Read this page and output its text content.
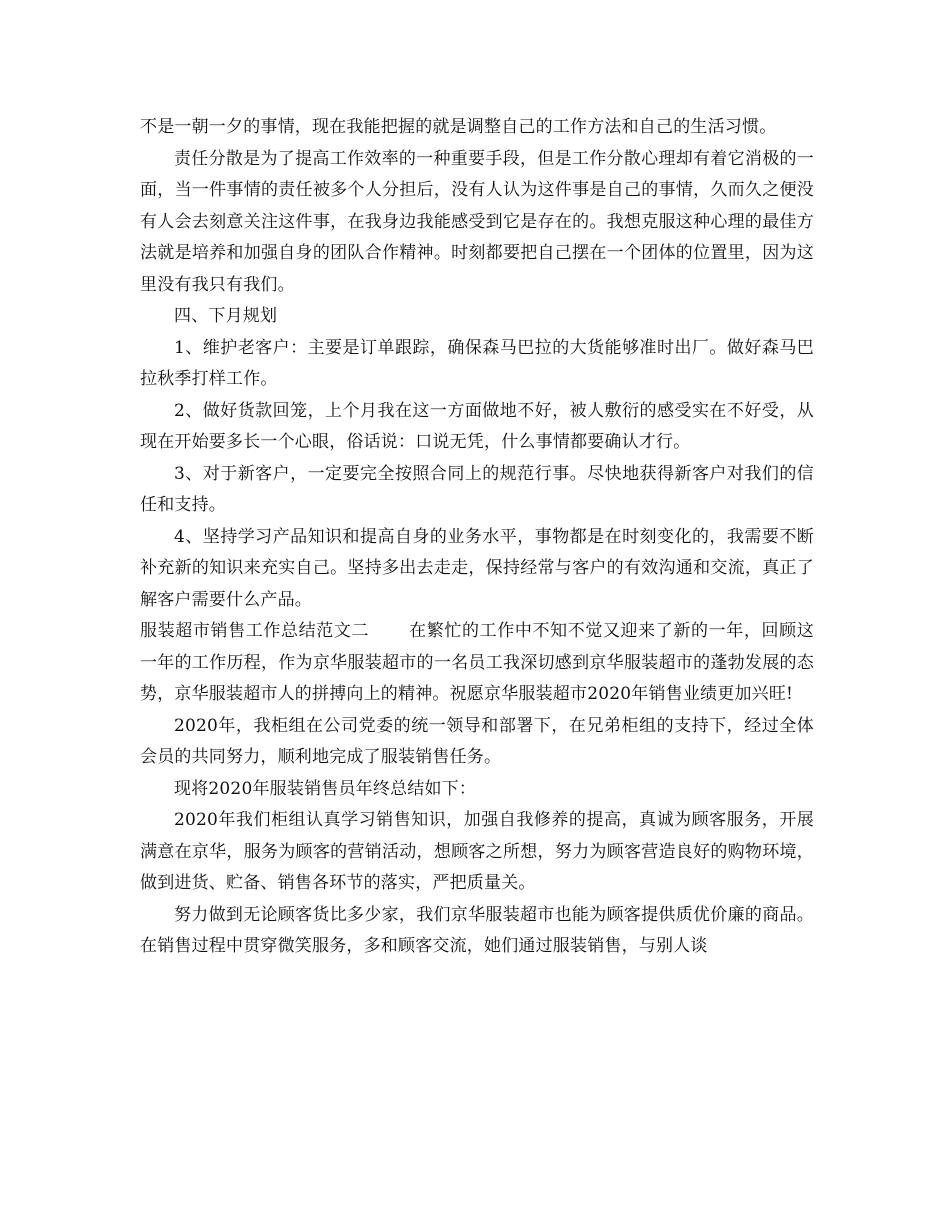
不是一朝一夕的事情，现在我能把握的就是调整自己的工作方法和自己的生活习惯。

责任分散是为了提高工作效率的一种重要手段，但是工作分散心理却有着它消极的一面，当一件事情的责任被多个人分担后，没有人认为这件事是自己的事情，久而久之便没有人会去刻意关注这件事，在我身边我能感受到它是存在的。我想克服这种心理的最佳方法就是培养和加强自身的团队合作精神。时刻都要把自己摆在一个团体的位置里，因为这里没有我只有我们。

四、下月规划

1、维护老客户：主要是订单跟踪，确保森马巴拉的大货能够准时出厂。做好森马巴拉秋季打样工作。

2、做好货款回笼，上个月我在这一方面做地不好，被人敷衍的感受实在不好受，从现在开始要多长一个心眼，俗话说：口说无凭，什么事情都要确认才行。

3、对于新客户，一定要完全按照合同上的规范行事。尽快地获得新客户对我们的信任和支持。

4、坚持学习产品知识和提高自身的业务水平，事物都是在时刻变化的，我需要不断补充新的知识来充实自己。坚持多出去走走，保持经常与客户的有效沟通和交流，真正了解客户需要什么产品。

服装超市销售工作总结范文二 在繁忙的工作中不知不觉又迎来了新的一年，回顾这一年的工作历程，作为京华服装超市的一名员工我深切感到京华服装超市的蓬勃发展的态势，京华服装超市人的拼搏向上的精神。祝愿京华服装超市2020年销售业绩更加兴旺!

2020年，我柜组在公司党委的统一领导和部署下，在兄弟柜组的支持下，经过全体会员的共同努力，顺利地完成了服装销售任务。

现将2020年服装销售员年终总结如下：

2020年我们柜组认真学习销售知识，加强自我修养的提高，真诚为顾客服务，开展满意在京华，服务为顾客的营销活动，想顾客之所想，努力为顾客营造良好的购物环境，做到进货、贮备、销售各环节的落实，严把质量关。

努力做到无论顾客货比多少家，我们京华服装超市也能为顾客提供质优价廉的商品。在销售过程中贯穿微笑服务，多和顾客交流，她们通过服装销售，与别人谈
